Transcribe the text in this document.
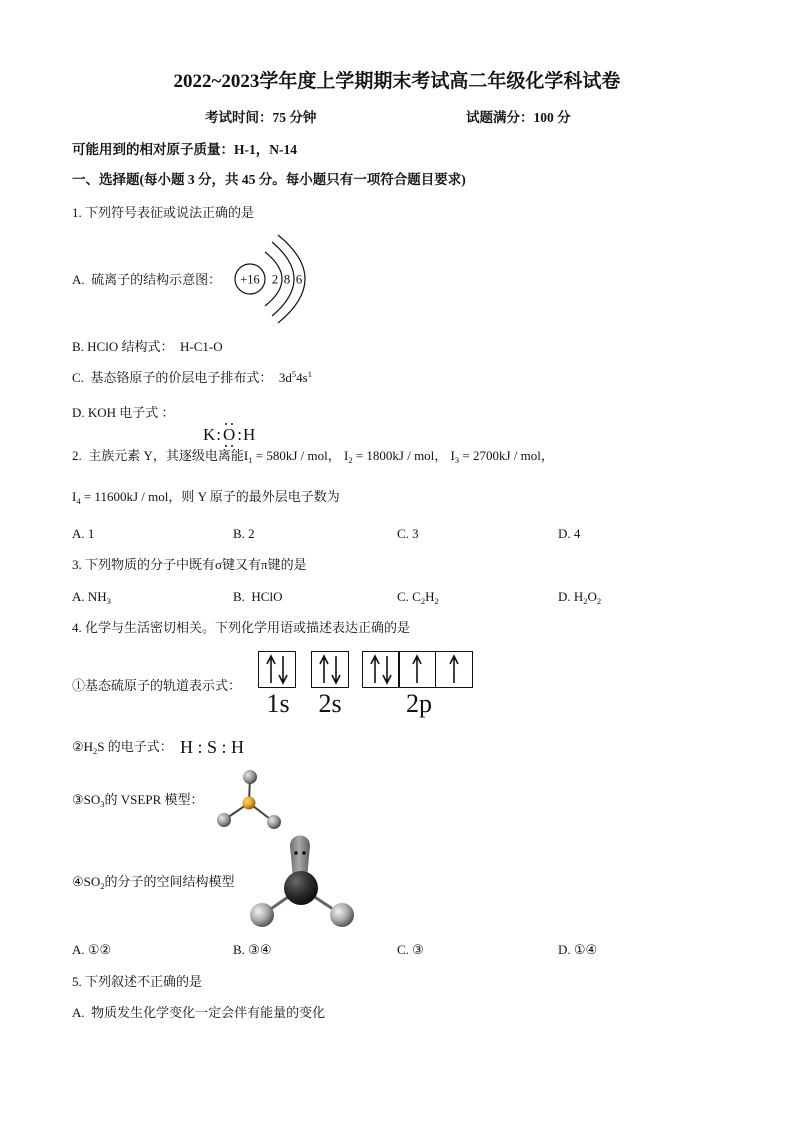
2022~2023学年度上学期期末考试高二年级化学科试卷
考试时间：75 分钟	试题满分：100 分
可能用到的相对原子质量：H-1，N-14
一、选择题(每小题 3 分，共 45 分。每小题只有一项符合题目要求)
1. 下列符号表征或说法正确的是
A.  硫离子的结构示意图： +16 2 8 6
B. HClO 结构式：  H-C1-O
C.  基态铬原子的价层电子排布式：  $3d^54s^1$
D. KOH 电子式 ：

K: O :H

2.  主族元素 Y，其逐级电离能$I_1 = 580kJ$ / mol， $I_2 = 1800kJ$ / mol， $I_3 = 2700kJ$ / mol，
$I_4 = 11600kJ$ / mol，则 Y 原子的最外层电子数为
A. 1	B. 2	C. 3	D. 4
3. 下列物质的分子中既有σ键又有π键的是
A. $NH_3$	B.  HClO	C. $C_2H_2$	D. $H_2O_2$
4. 化学与生活密切相关。下列化学用语或描述表达正确的是
①基态硫原子的轨道表示式：
1s	2s	2p
$②H_2S$ 的电子式： H : S : H
$③SO_3$的 VSEPR 模型：
$④SO_2$的分子的空间结构模型
A. ①②	B. ③④	C. ③	D. ①④
5. 下列叙述不正确的是
A.  物质发生化学变化一定会伴有能量的变化
